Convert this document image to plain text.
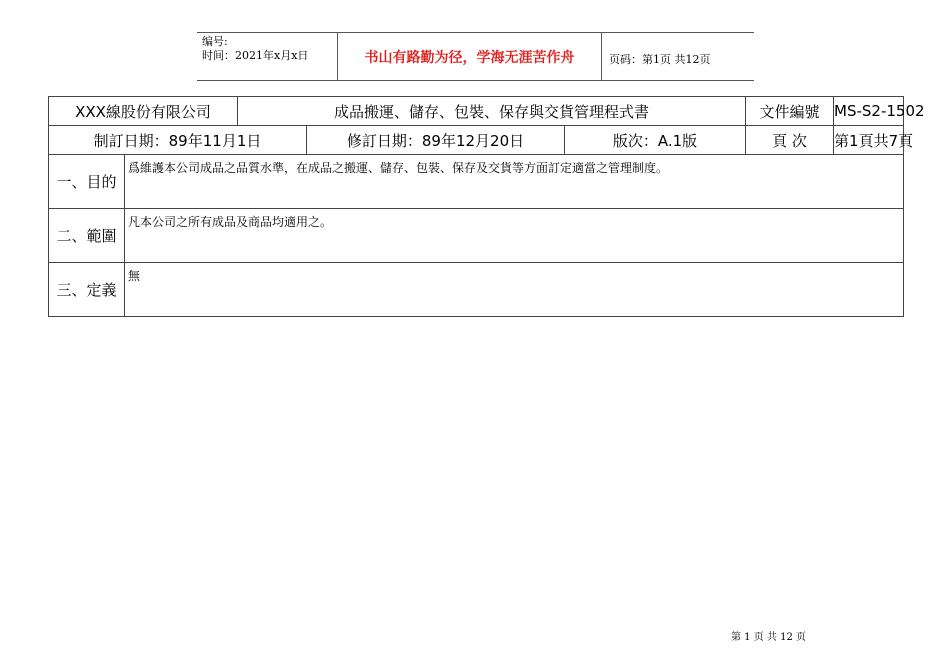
编号:
时间：2021年x月x日	书山有路勤为径，学海无涯苦作舟	页码：第1页 共12页
XXX線股份有限公司		成品搬運、儲存、包裝、保存與交貨管理程式書			文件編號	MS-S2-1502
制訂日期：89年11月1日			修訂日期：89年12月20日	版次：A.1版	頁 次	第1頁共7頁
一、目的	爲維護本公司成品之品質水準，在成品之搬運、儲存、包裝、保存及交貨等方面訂定適當之管理制度。					
二、範圍	凡本公司之所有成品及商品均適用之。					
三、定義	無					
第 1 页 共 12 页
